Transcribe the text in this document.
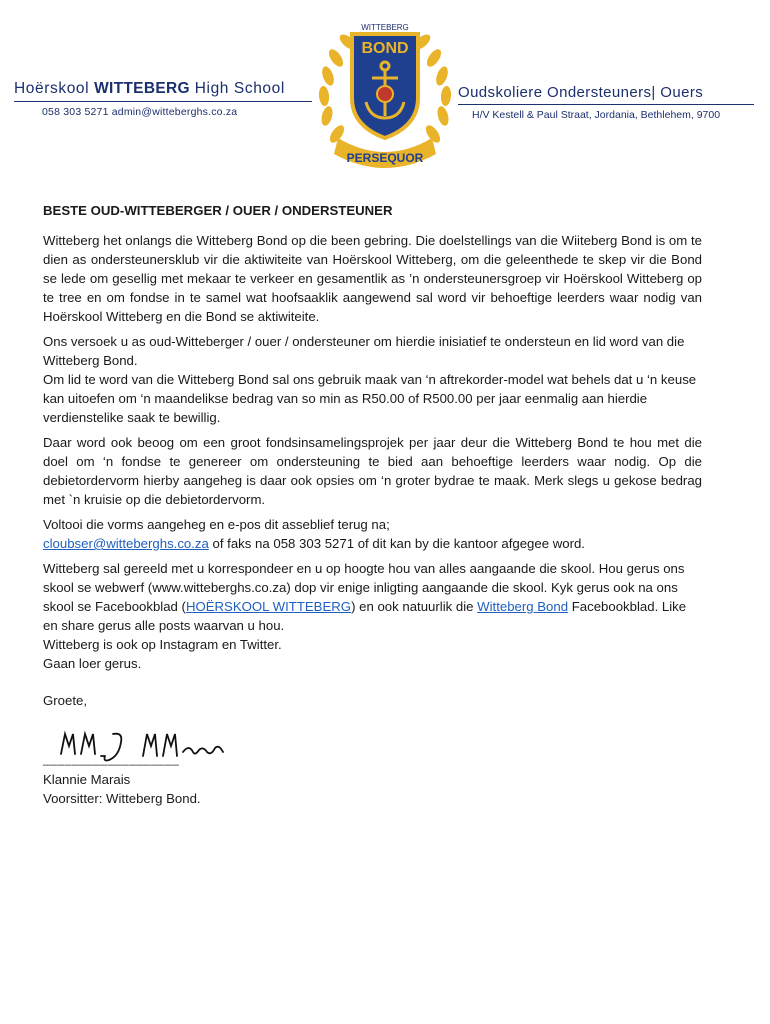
Hoërskool WITTEBERG High School
058 303 5271 admin@witteberghs.co.za
WITTEBERG
BOND
PERSEQUOR
Oudskoliere Ondersteuners| Ouers
H/V Kestell & Paul Straat, Jordania, Bethlehem, 9700
BESTE OUD-WITTEBERGER / OUER / ONDERSTEUNER

Witteberg het onlangs die Witteberg Bond op die been gebring. Die doelstellings van die Wiiteberg Bond is om te dien as ondersteunersklub vir die aktiwiteite van Hoërskool Witteberg, om die geleenthede te skep vir die Bond se lede om gesellig met mekaar te verkeer en gesamentlik as ’n ondersteunersgroep vir Hoërskool Witteberg op te tree en om fondse in te samel wat hoofsaaklik aangewend sal word vir behoeftige leerders waar nodig van Hoërskool Witteberg en die Bond se aktiwiteite.

Ons versoek u as oud-Witteberger / ouer / ondersteuner om hierdie inisiatief te ondersteun en lid word van die Witteberg Bond.

Om lid te word van die Witteberg Bond sal ons gebruik maak van ‘n aftrekorder-model wat behels dat u ‘n keuse kan uitoefen om ‘n maandelikse bedrag van so min as R50.00 of R500.00 per jaar eenmalig aan hierdie verdienstelike saak te bewillig.

Daar word ook beoog om een groot fondsinsamelingsprojek per jaar deur die Witteberg Bond te hou met die doel om ‘n fondse te genereer om ondersteuning te bied aan behoeftige leerders waar nodig. Op die debietordervorm hierby aangeheg is daar ook opsies om ‘n groter bydrae te maak. Merk slegs u gekose bedrag met `n kruisie op die debietordervorm.

Voltooi die vorms aangeheg en e-pos dit asseblief terug na;
cloubser@witteberghs.co.za of faks na 058 303 5271 of dit kan by die kantoor afgegee word.

Witteberg sal gereeld met u korrespondeer en u op hoogte hou van alles aangaande die skool. Hou gerus ons skool se webwerf (www.witteberghs.co.za) dop vir enige inligting aangaande die skool. Kyk gerus ook na ons skool se Facebookblad (HOËRSKOOL WITTEBERG) en ook natuurlik die Witteberg Bond Facebookblad. Like en share gerus alle posts waarvan u hou.
Witteberg is ook op Instagram en Twitter.
Gaan loer gerus.

Groete,

___________________

Klannie Marais

Voorsitter: Witteberg Bond.
